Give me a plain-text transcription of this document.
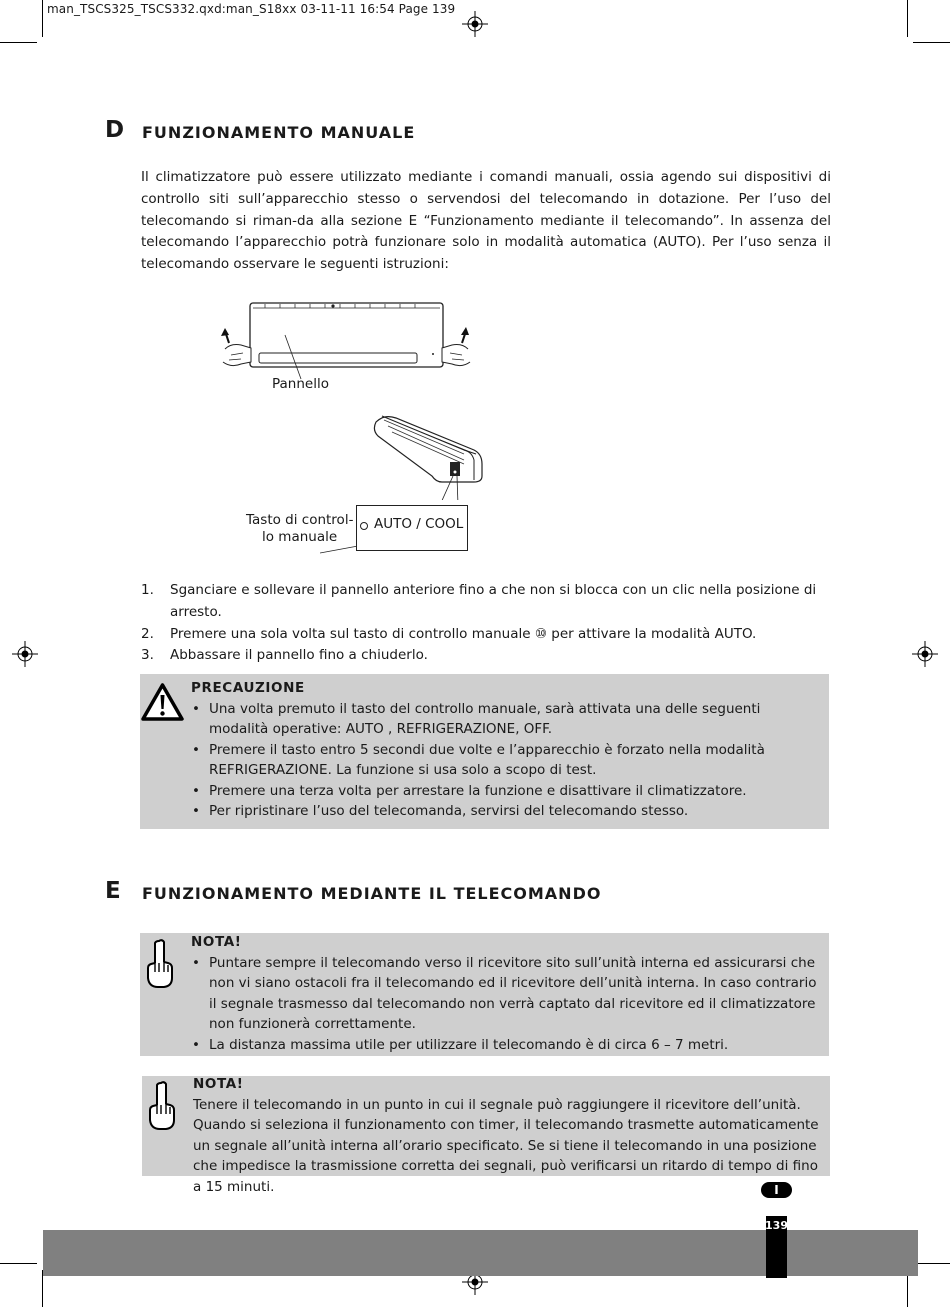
man_TSCS325_TSCS332.qxd:man_S18xx 03-11-11 16:54 Page 139
D FUNZIONAMENTO MANUALE
Il climatizzatore può essere utilizzato mediante i comandi manuali, ossia agendo sui dispositivi di controllo siti sull’apparecchio stesso o servendosi del telecomando in dotazione. Per l’uso del telecomando si riman-da alla sezione E “Funzionamento mediante il telecomando”. In assenza del telecomando l’apparecchio potrà funzionare solo in modalità automatica (AUTO). Per l’uso senza il telecomando osservare le seguenti istruzioni:
Pannello
Tasto di control-
lo manuale
AUTO / COOL
1. Sganciare e sollevare il pannello anteriore fino a che non si blocca con un clic nella posizione di arresto.
2. Premere una sola volta sul tasto di controllo manuale ⑩ per attivare la modalità AUTO.
3. Abbassare il pannello fino a chiuderlo.
PRECAUZIONE
• Una volta premuto il tasto del controllo manuale, sarà attivata una delle seguenti modalità operative: AUTO , REFRIGERAZIONE, OFF.
• Premere il tasto entro 5 secondi due volte e l’apparecchio è forzato nella modalità REFRIGERAZIONE. La funzione si usa solo a scopo di test.
• Premere una terza volta per arrestare la funzione e disattivare il climatizzatore.
• Per ripristinare l’uso del telecomanda, servirsi del telecomando stesso.
E FUNZIONAMENTO MEDIANTE IL TELECOMANDO
NOTA!
• Puntare sempre il telecomando verso il ricevitore sito sull’unità interna ed assicurarsi che non vi siano ostacoli fra il telecomando ed il ricevitore dell’unità interna. In caso contrario il segnale trasmesso dal telecomando non verrà captato dal ricevitore ed il climatizzatore non funzionerà correttamente.
• La distanza massima utile per utilizzare il telecomando è di circa 6 – 7 metri.
NOTA!
Tenere il telecomando in un punto in cui il segnale può raggiungere il ricevitore dell’unità. Quando si seleziona il funzionamento con timer, il telecomando trasmette automaticamente un segnale all’unità interna all’orario specificato. Se si tiene il telecomando in una posizione che impedisce la trasmissione corretta dei segnali, può verificarsi un ritardo di tempo di fino a 15 minuti.	I
139
